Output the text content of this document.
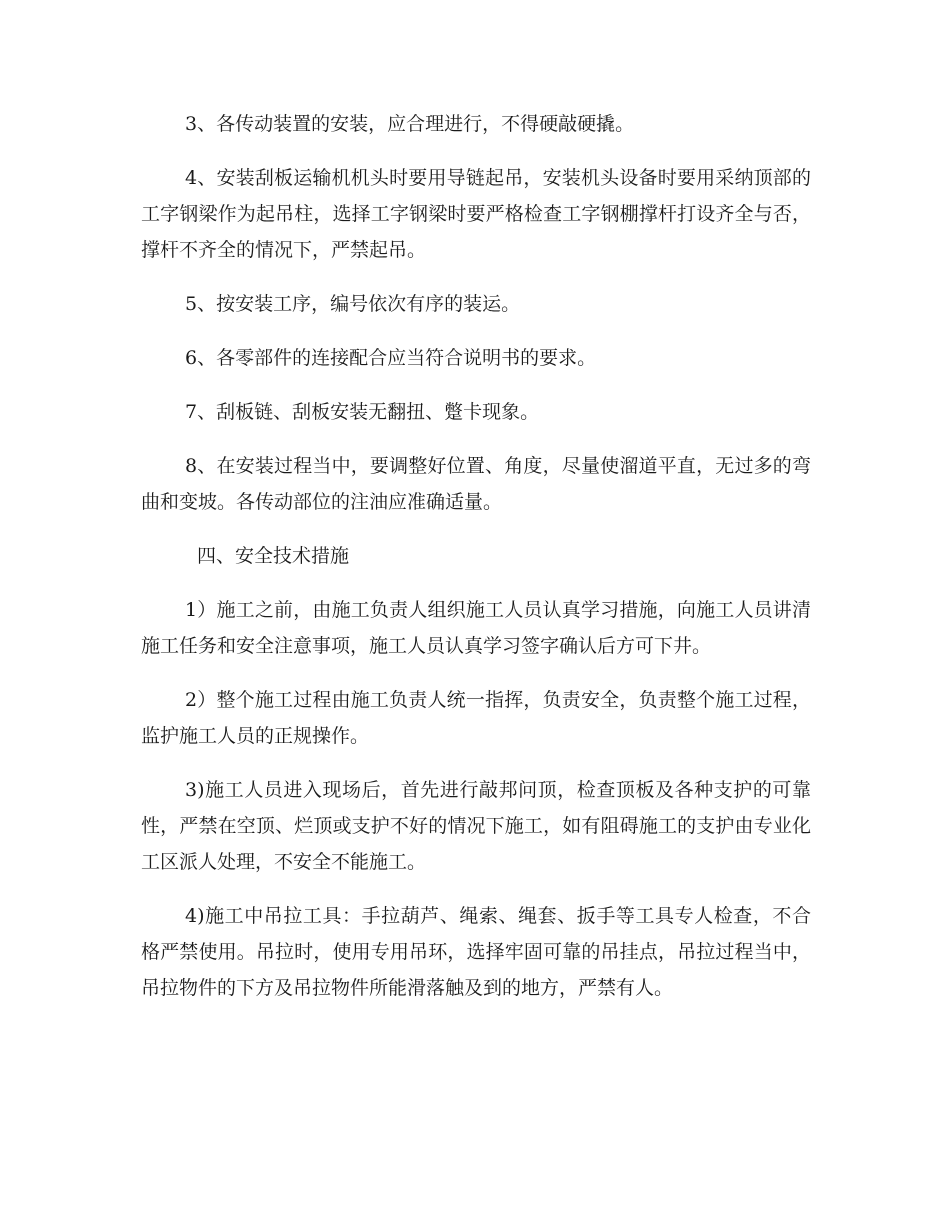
3、各传动装置的安装，应合理进行，不得硬敲硬撬。

4、安装刮板运输机机头时要用导链起吊，安装机头设备时要用采纳顶部的工字钢梁作为起吊柱，选择工字钢梁时要严格检查工字钢棚撑杆打设齐全与否，撑杆不齐全的情况下，严禁起吊。

5、按安装工序，编号依次有序的装运。

6、各零部件的连接配合应当符合说明书的要求。

7、刮板链、刮板安装无翻扭、蹩卡现象。

8、在安装过程当中，要调整好位置、角度，尽量使溜道平直，无过多的弯曲和变坡。各传动部位的注油应准确适量。

四、安全技术措施

1）施工之前，由施工负责人组织施工人员认真学习措施，向施工人员讲清施工任务和安全注意事项，施工人员认真学习签字确认后方可下井。

2）整个施工过程由施工负责人统一指挥，负责安全，负责整个施工过程，监护施工人员的正规操作。

3)施工人员进入现场后，首先进行敲邦问顶，检查顶板及各种支护的可靠性，严禁在空顶、烂顶或支护不好的情况下施工，如有阻碍施工的支护由专业化工区派人处理，不安全不能施工。

4)施工中吊拉工具：手拉葫芦、绳索、绳套、扳手等工具专人检查，不合格严禁使用。吊拉时，使用专用吊环，选择牢固可靠的吊挂点，吊拉过程当中，吊拉物件的下方及吊拉物件所能滑落触及到的地方，严禁有人。
